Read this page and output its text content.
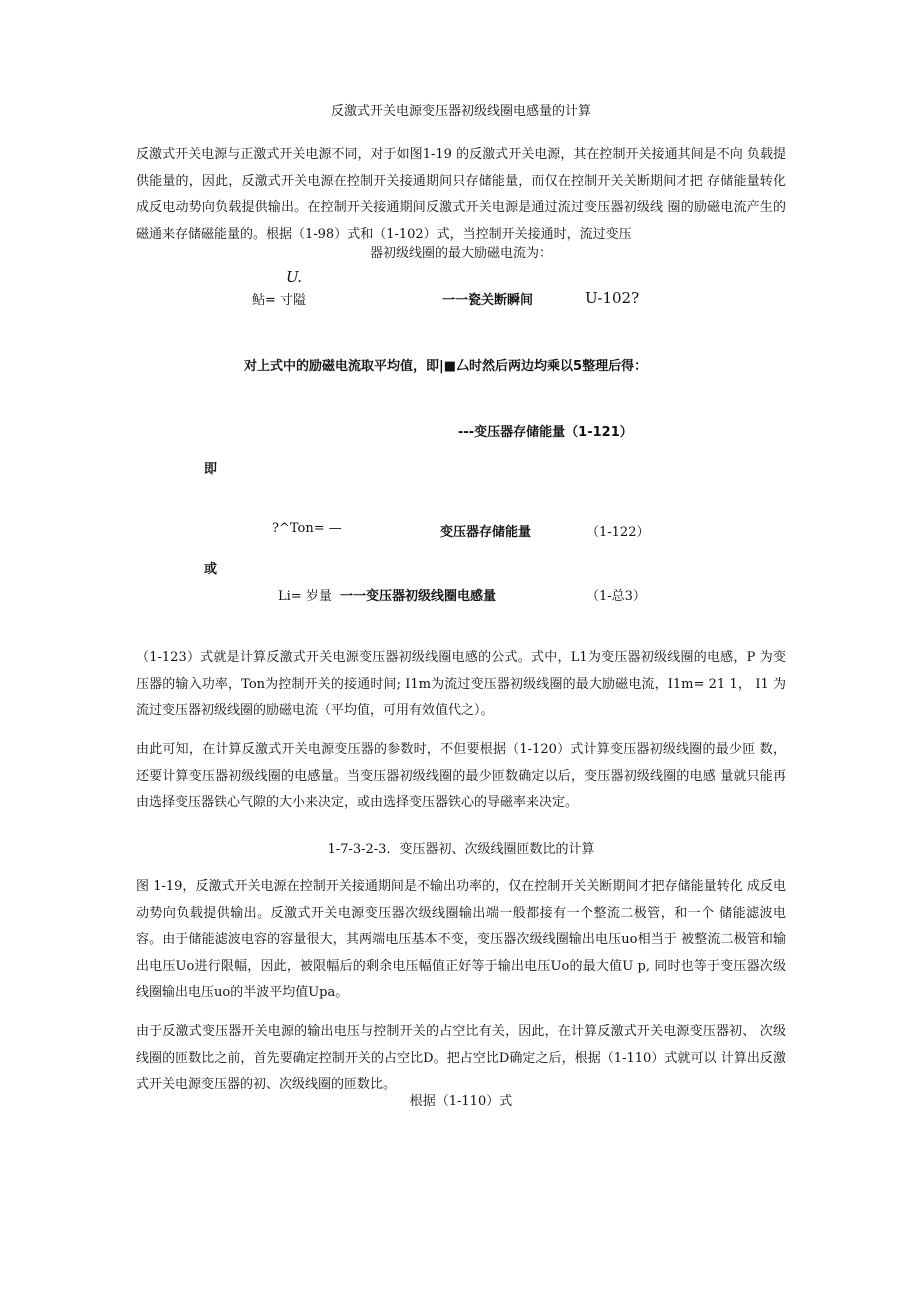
反激式开关电源变压器初级线圈电感量的计算
反激式开关电源与正激式开关电源不同，对于如图1-19 的反激式开关电源，其在控制开关接通其间是不向 负载提供能量的，因此，反激式开关电源在控制开关接通期间只存储能量，而仅在控制开关关断期间才把 存储能量转化成反电动势向负载提供输出。在控制开关接通期间反激式开关电源是通过流过变压器初级线 圈的励磁电流产生的磁通来存储磁能量的。根据（1-98）式和（1-102）式，当控制开关接通时，流过变压
器初级线圈的最大励磁电流为：
U.
鲇= 寸隘	一一瓷关断瞬间	U-102?
对上式中的励磁电流取平均值，即|■厶时然后两边均乘以5整理后得：
---变压器存储能量（1-121）
即
?^Ton= —	变压器存储能量	（1-122）
或
Li= 岁量 一一变压器初级线圈电感量	（1-总3）
（1-123）式就是计算反激式开关电源变压器初级线圈电感的公式。式中，L1为变压器初级线圈的电感，P 为变压器的输入功率，Ton为控制开关的接通时间; I1m为流过变压器初级线圈的最大励磁电流，I1m= 21 1， I1 为流过变压器初级线圈的励磁电流（平均值，可用有效值代之）。
由此可知，在计算反激式开关电源变压器的参数时，不但要根据（1-120）式计算变压器初级线圈的最少匝 数，还要计算变压器初级线圈的电感量。当变压器初级线圈的最少匝数确定以后，变压器初级线圈的电感 量就只能再由选择变压器铁心气隙的大小来决定，或由选择变压器铁心的导磁率来决定。
1-7-3-2-3．变压器初、次级线圈匝数比的计算
图 1-19，反激式开关电源在控制开关接通期间是不输出功率的，仅在控制开关关断期间才把存储能量转化 成反电动势向负载提供输出。反激式开关电源变压器次级线圈输出端一般都接有一个整流二极管，和一个 储能滤波电容。由于储能滤波电容的容量很大，其两端电压基本不变，变压器次级线圈输出电压uo相当于 被整流二极管和输出电压Uo进行限幅，因此，被限幅后的剩余电压幅值正好等于输出电压Uo的最大值U p, 同时也等于变压器次级线圈输出电压uo的半波平均值Upa。
由于反激式变压器开关电源的输出电压与控制开关的占空比有关，因此，在计算反激式开关电源变压器初、 次级线圈的匝数比之前，首先要确定控制开关的占空比D。把占空比D确定之后，根据（1-110）式就可以 计算出反激式开关电源变压器的初、次级线圈的匝数比。
根据（1-110）式
